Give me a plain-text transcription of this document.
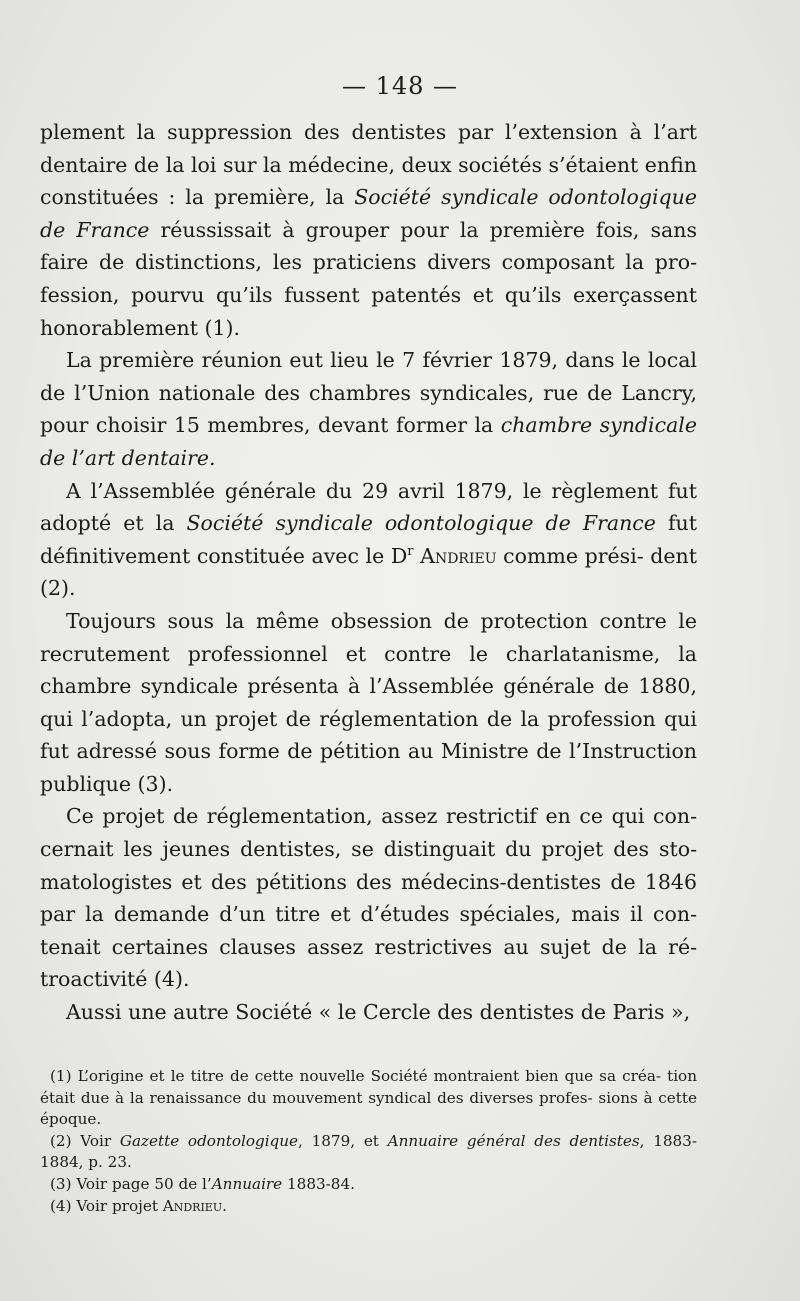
— 148 —

plement la suppression des dentistes par l’extension à l’art dentaire de la loi sur la médecine, deux sociétés s’étaient enfin constituées : la première, la Société syndicale odontologique de France réussissait à grouper pour la première fois, sans faire de distinctions, les praticiens divers composant la pro- fession, pourvu qu’ils fussent patentés et qu’ils exerçassent honorablement (1).

La première réunion eut lieu le 7 février 1879, dans le local de l’Union nationale des chambres syndicales, rue de Lancry, pour choisir 15 membres, devant former la chambre syndicale de l’art dentaire.

A l’Assemblée générale du 29 avril 1879, le règlement fut adopté et la Société syndicale odontologique de France fut définitivement constituée avec le $D^r$ Andrieu comme prési- dent (2).

Toujours sous la même obsession de protection contre le recrutement professionnel et contre le charlatanisme, la chambre syndicale présenta à l’Assemblée générale de 1880, qui l’adopta, un projet de réglementation de la profession qui fut adressé sous forme de pétition au Ministre de l’Instruction publique (3).

Ce projet de réglementation, assez restrictif en ce qui con- cernait les jeunes dentistes, se distinguait du projet des sto- matologistes et des pétitions des médecins-dentistes de 1846 par la demande d’un titre et d’études spéciales, mais il con- tenait certaines clauses assez restrictives au sujet de la ré- troactivité (4).

Aussi une autre Société « le Cercle des dentistes de Paris »,

(1) L’origine et le titre de cette nouvelle Société montraient bien que sa créa- tion était due à la renaissance du mouvement syndical des diverses profes- sions à cette époque.

(2) Voir Gazette odontologique, 1879, et Annuaire général des dentistes, 1883-1884, p. 23.

(3) Voir page 50 de l’Annuaire 1883-84.

(4) Voir projet Andrieu.
